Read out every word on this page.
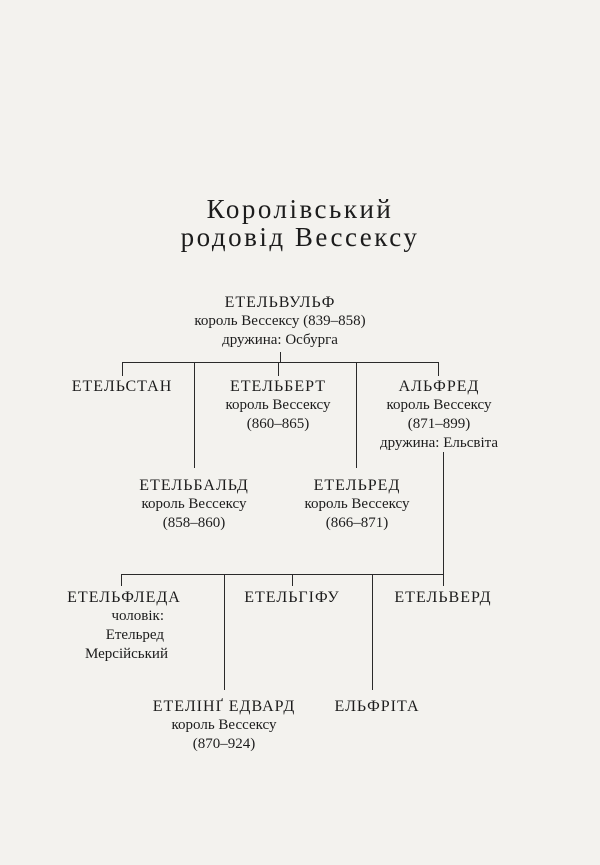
Королівський
родовід Вессексу
ЕТЕЛЬВУЛЬФ
король Вессексу (839–858)
дружина: Осбурга
ЕТЕЛЬСТАН	ЕТЕЛЬБЕРТ
король Вессексу
(860–865)
АЛЬФРЕД
король Вессексу
(871–899)
дружина: Ельсвіта
ЕТЕЛЬБАЛЬД
король Вессексу
(858–860)
ЕТЕЛЬРЕД
король Вессексу
(866–871)
ЕТЕЛЬФЛЕДА
чоловік:
Етельред
Мерсійський
ЕТЕЛЬГІФУ	ЕТЕЛЬВЕРД
ЕТЕЛІНҐ ЕДВАРД
король Вессексу
(870–924)
ЕЛЬФРІТА
